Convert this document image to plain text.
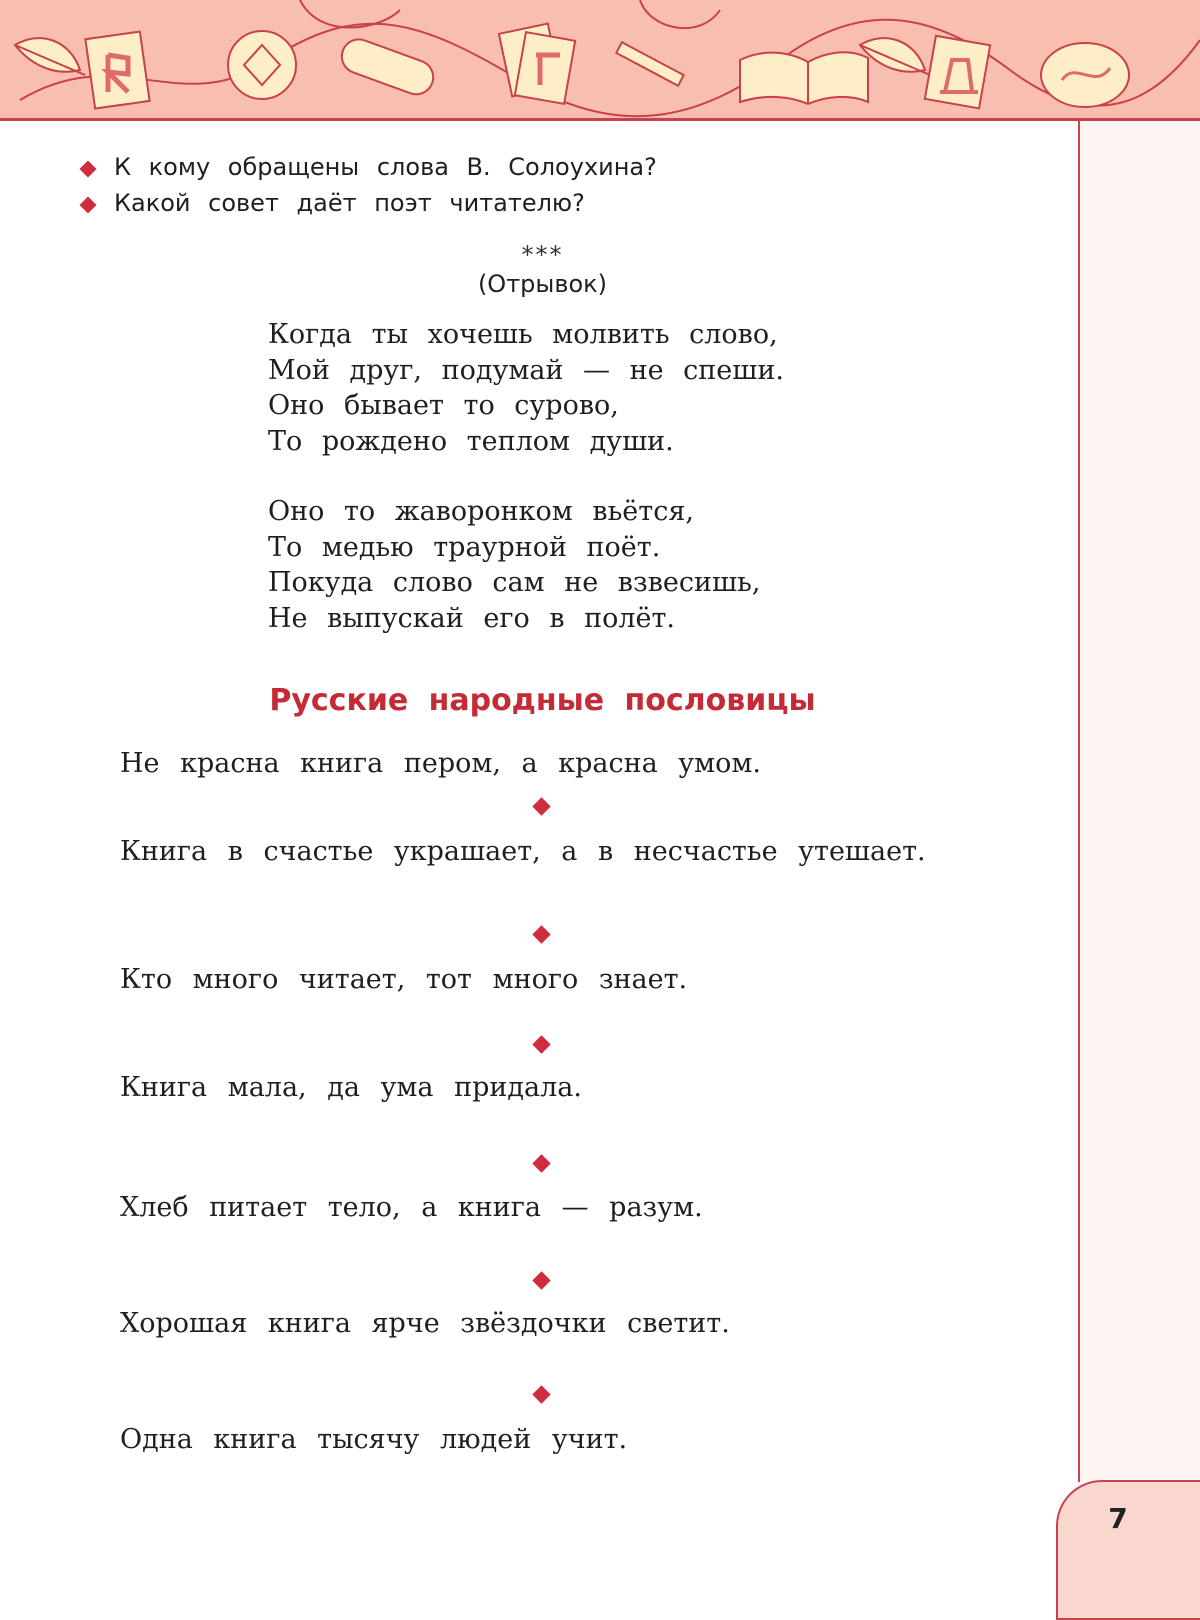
К кому обращены слова В. Солоухина?
Какой совет даёт поэт читателю?
***
(Отрывок)
Когда ты хочешь молвить слово,
Мой друг, подумай — не спеши.
Оно бывает то сурово,
То рождено теплом души.
Оно то жаворонком вьётся,
То медью траурной поёт.
Покуда слово сам не взвесишь,
Не выпускай его в полёт.
Русские народные пословицы
Не красна книга пером, а красна умом.
Книга в счастье украшает, а в несчастье утешает.
Кто много читает, тот много знает.
Книга мала, да ума придала.
Хлеб питает тело, а книга — разум.
Хорошая книга ярче звёздочки светит.
Одна книга тысячу людей учит.
7
